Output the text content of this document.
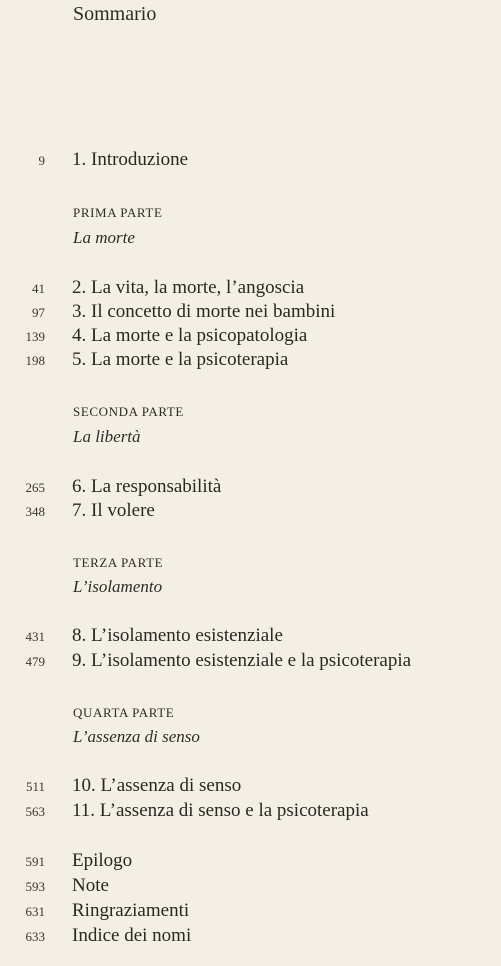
Sommario
9 1. Introduzione
PRIMA PARTE
La morte
41 2. La vita, la morte, l’angoscia
97 3. Il concetto di morte nei bambini
139 4. La morte e la psicopatologia
198 5. La morte e la psicoterapia
SECONDA PARTE
La libertà
265 6. La responsabilità
348 7. Il volere
TERZA PARTE
L’isolamento
431 8. L’isolamento esistenziale
479 9. L’isolamento esistenziale e la psicoterapia
QUARTA PARTE
L’assenza di senso
511 10. L’assenza di senso
563 11. L’assenza di senso e la psicoterapia
591 Epilogo
593 Note
631 Ringraziamenti
633 Indice dei nomi
